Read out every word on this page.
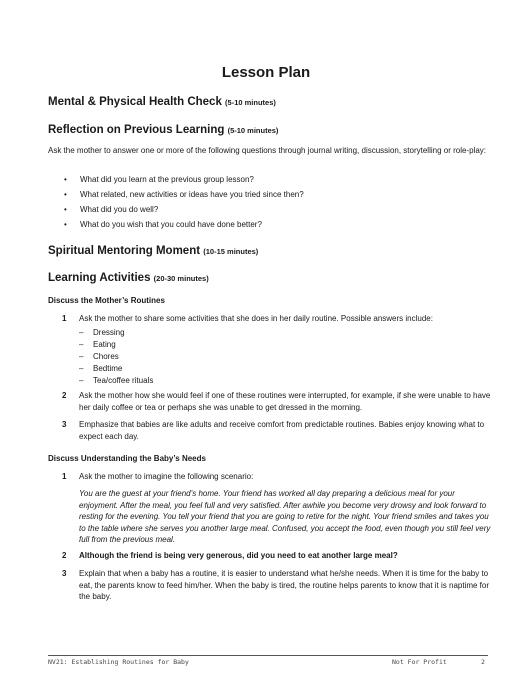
Lesson Plan
Mental & Physical Health Check (5-10 minutes)
Reflection on Previous Learning (5-10 minutes)

Ask the mother to answer one or more of the following questions through journal writing, discussion, storytelling or role-play:

• What did you learn at the previous group lesson?
• What related, new activities or ideas have you tried since then?
• What did you do well?
• What do you wish that you could have done better?
Spiritual Mentoring Moment (10-15 minutes)
Learning Activities (20-30 minutes)
Discuss the Mother’s Routines
1 Ask the mother to share some activities that she does in her daily routine. Possible answers include:

– Dressing
– Eating
– Chores
– Bedtime
– Tea/coffee rituals
2 Ask the mother how she would feel if one of these routines were interrupted, for example, if she were unable to have her daily coffee or tea or perhaps she was unable to get dressed in the morning.

3 Emphasize that babies are like adults and receive comfort from predictable routines. Babies enjoy knowing what to expect each day.

Discuss Understanding the Baby’s Needs
1 Ask the mother to imagine the following scenario:

You are the guest at your friend’s home. Your friend has worked all day preparing a delicious meal for your enjoyment. After the meal, you feel full and very satisfied. After awhile you become very drowsy and look forward to resting for the evening. You tell your friend that you are going to retire for the night. Your friend smiles and takes you to the table where she serves you another large meal. Confused, you accept the food, even though you still feel very full from the previous meal.

2 Although the friend is being very generous, did you need to eat another large meal?

3 Explain that when a baby has a routine, it is easier to understand what he/she needs. When it is time for the baby to eat, the parents know to feed him/her. When the baby is tired, the routine helps parents to know that it is naptime for the baby.

NV21: Establishing Routines for Baby	Not For Profit	2
